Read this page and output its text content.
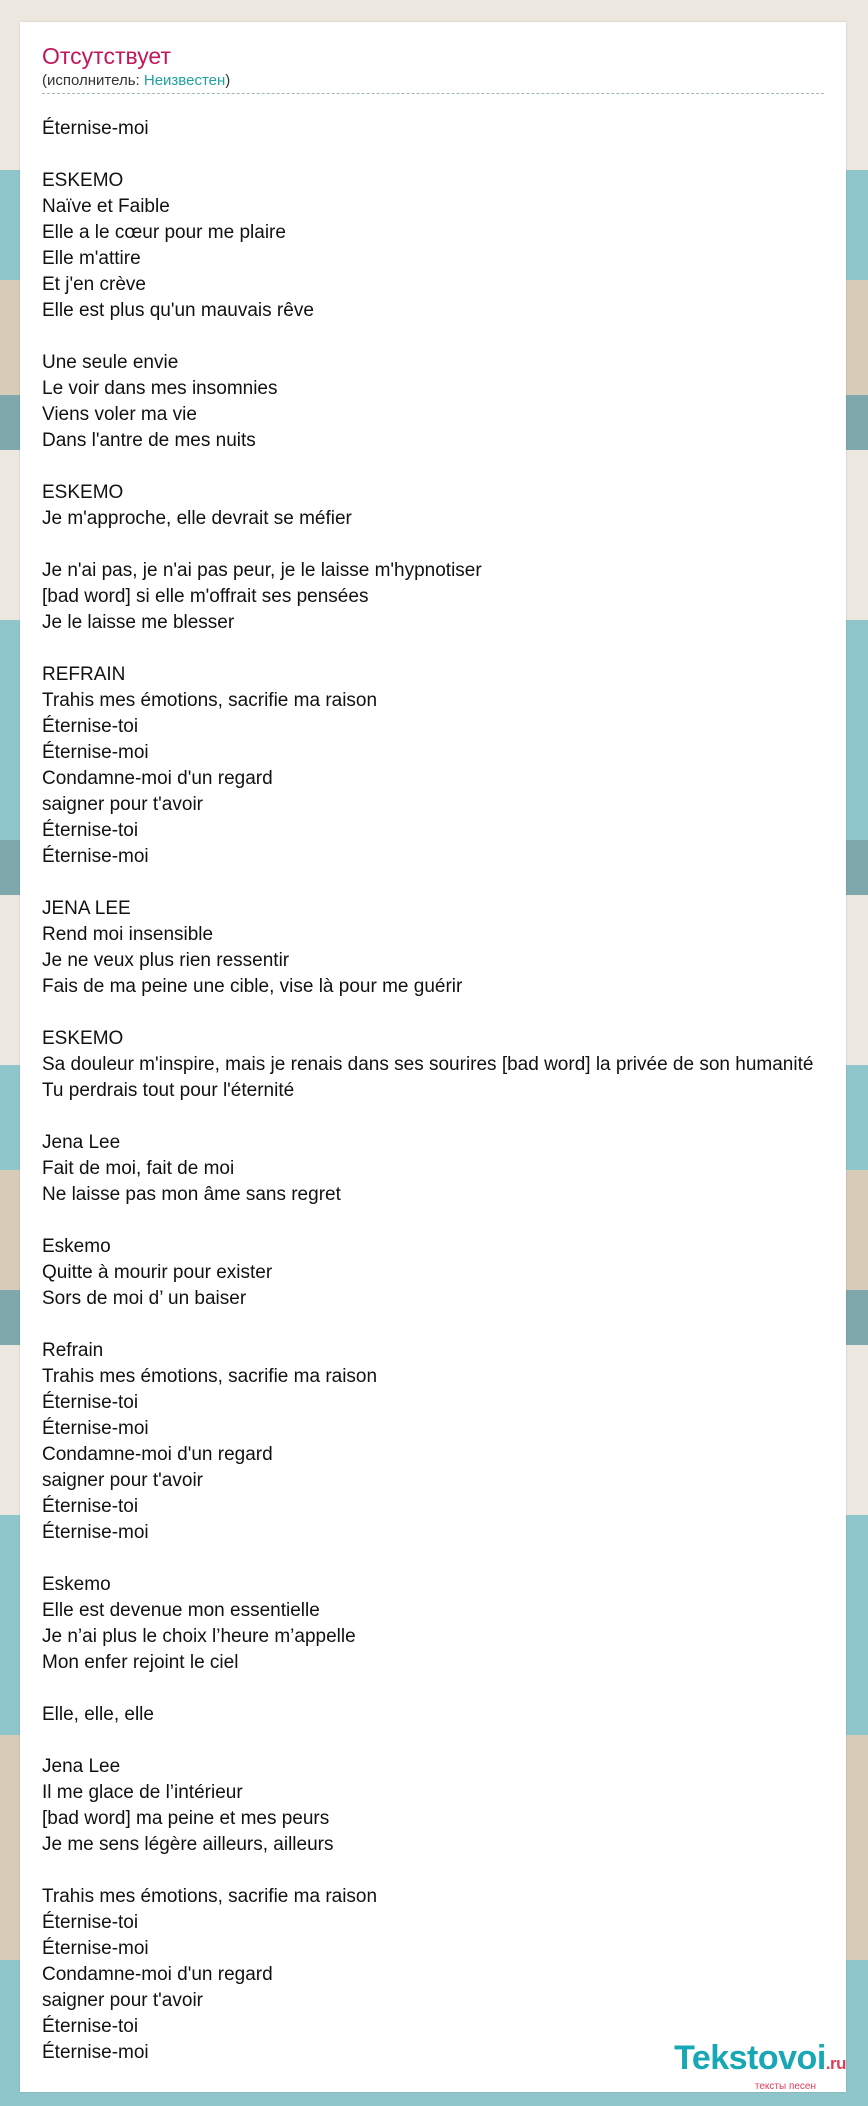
Отсутствует
(исполнитель: Неизвестен)
Éternise-moi
ESKEMO
Naïve et Faible
Elle a le cœur pour me plaire
Elle m'attire
Et j'en crève
Elle est plus qu'un mauvais rêve
Une seule envie
Le voir dans mes insomnies
Viens voler ma vie
Dans l'antre de mes nuits
ESKEMO
Je m'approche, elle devrait se méfier
Je n'ai pas, je n'ai pas peur, je le laisse m'hypnotiser
[bad word] si elle m'offrait ses pensées
Je le laisse me blesser
REFRAIN
Trahis mes émotions, sacrifie ma raison
Éternise-toi
Éternise-moi
Condamne-moi d'un regard
saigner pour t'avoir
Éternise-toi
Éternise-moi
JENA LEE
Rend moi insensible
Je ne veux plus rien ressentir
Fais de ma peine une cible, vise là pour me guérir
ESKEMO
Sa douleur m'inspire, mais je renais dans ses sourires [bad word] la privée de son humanité
Tu perdrais tout pour l'éternité
Jena Lee
Fait de moi, fait de moi
Ne laisse pas mon âme sans regret
Eskemo
Quitte à mourir pour exister
Sors de moi d’ un baiser
Refrain
Trahis mes émotions, sacrifie ma raison
Éternise-toi
Éternise-moi
Condamne-moi d'un regard
saigner pour t'avoir
Éternise-toi
Éternise-moi
Eskemo
Elle est devenue mon essentielle
Je n’ai plus le choix l’heure m’appelle
Mon enfer rejoint le ciel
Elle, elle, elle
Jena Lee
Il me glace de l’intérieur
[bad word] ma peine et mes peurs
Je me sens légère ailleurs, ailleurs
Trahis mes émotions, sacrifie ma raison
Éternise-toi
Éternise-moi
Condamne-moi d'un regard
saigner pour t'avoir
Éternise-toi
Éternise-moi	Tekstovoi.ru
тексты песен
